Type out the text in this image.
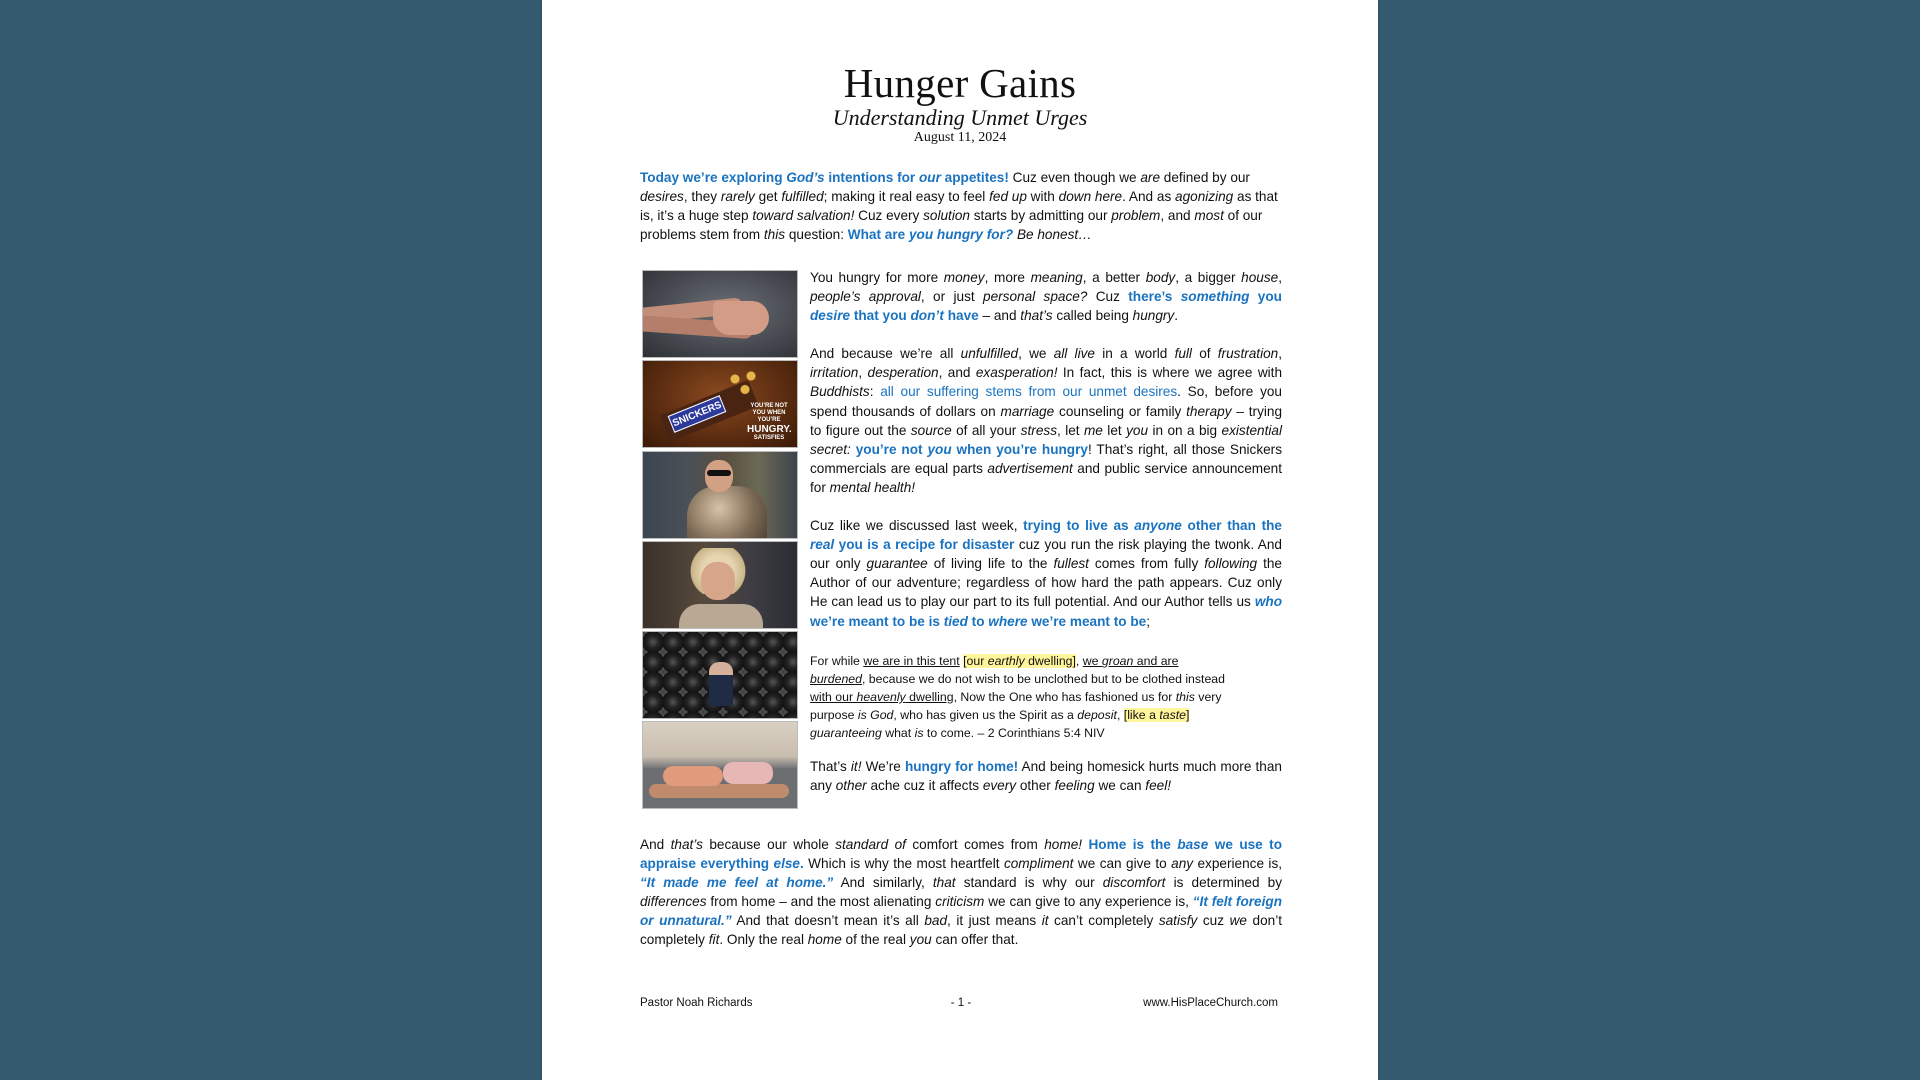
Hunger Gains
Understanding Unmet Urges
August 11, 2024
Today we’re exploring God’s intentions for our appetites! Cuz even though we are defined by our desires, they rarely get fulfilled; making it real easy to feel fed up with down here. And as agonizing as that is, it’s a huge step toward salvation! Cuz every solution starts by admitting our problem, and most of our problems stem from this question: What are you hungry for? Be honest…
SNICKERS	YOU’RE NOT YOU WHEN YOU’RE
HUNGRY.
SATISFIES

You hungry for more money, more meaning, a better body, a bigger house, people’s approval, or just personal space? Cuz there’s something you desire that you don’t have – and that’s called being hungry.

And because we’re all unfulfilled, we all live in a world full of frustration, irritation, desperation, and exasperation! In fact, this is where we agree with Buddhists: all our suffering stems from our unmet desires. So, before you spend thousands of dollars on marriage counseling or family therapy – trying to figure out the source of all your stress, let me let you in on a big existential secret: you’re not you when you’re hungry! That’s right, all those Snickers commercials are equal parts advertisement and public service announcement for mental health!

Cuz like we discussed last week, trying to live as anyone other than the real you is a recipe for disaster cuz you run the risk playing the twonk. And our only guarantee of living life to the fullest comes from fully following the Author of our adventure; regardless of how hard the path appears. Cuz only He can lead us to play our part to its full potential. And our Author tells us who we’re meant to be is tied to where we’re meant to be;

For while we are in this tent [our earthly dwelling], we groan and are burdened, because we do not wish to be unclothed but to be clothed instead with our heavenly dwelling, Now the One who has fashioned us for this very purpose is God, who has given us the Spirit as a deposit, [like a taste] guaranteeing what is to come. – 2 Corinthians 5:4 NIV

That’s it! We’re hungry for home! And being homesick hurts much more than any other ache cuz it affects every other feeling we can feel!

And that’s because our whole standard of comfort comes from home! Home is the base we use to appraise everything else. Which is why the most heartfelt compliment we can give to any experience is, “It made me feel at home.” And similarly, that standard is why our discomfort is determined by differences from home – and the most alienating criticism we can give to any experience is, “It felt foreign or unnatural.” And that doesn’t mean it’s all bad, it just means it can’t completely satisfy cuz we don’t completely fit. Only the real home of the real you can offer that.
Pastor Noah Richards	- 1 -	www.HisPlaceChurch.com
